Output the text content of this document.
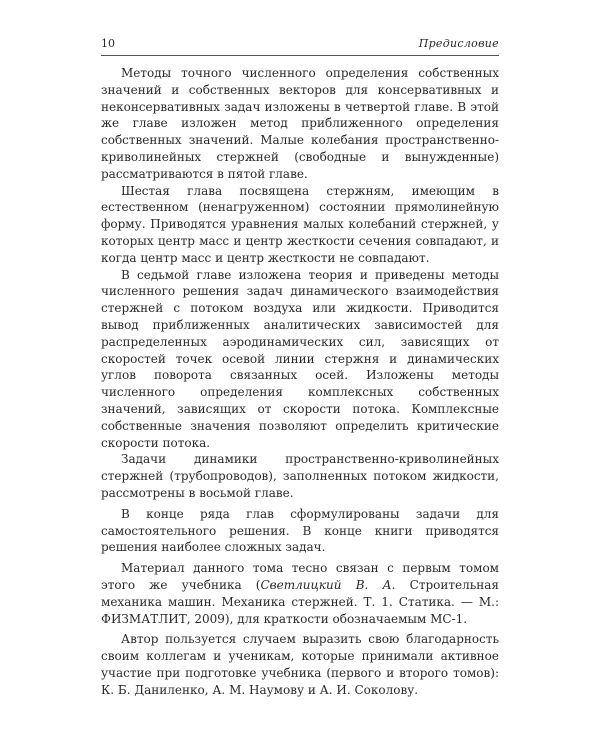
10	Предисловие

Методы точного численного определения собственных значений и собственных векторов для консервативных и неконсервативных задач изложены в четвертой главе. В этой же главе изложен метод приближенного определения собственных значений. Малые колебания пространственно-криволинейных стержней (свободные и вынужденные) рассматриваются в пятой главе.

Шестая глава посвящена стержням, имеющим в естественном (ненагруженном) состоянии прямолинейную форму. Приводятся уравнения малых колебаний стержней, у которых центр масс и центр жесткости сечения совпадают, и когда центр масс и центр жесткости не совпадают.

В седьмой главе изложена теория и приведены методы численного решения задач динамического взаимодействия стержней с потоком воздуха или жидкости. Приводится вывод приближенных аналитических зависимостей для распределенных аэродинамических сил, зависящих от скоростей точек осевой линии стержня и динамических углов поворота связанных осей. Изложены методы численного определения комплексных собственных значений, зависящих от скорости потока. Комплексные собственные значения позволяют определить критические скорости потока.

Задачи динамики пространственно-криволинейных стержней (трубопроводов), заполненных потоком жидкости, рассмотрены в восьмой главе.

В конце ряда глав сформулированы задачи для самостоятельного решения. В конце книги приводятся решения наиболее сложных задач.

Материал данного тома тесно связан с первым томом этого же учебника (Светлицкий В. А. Строительная механика машин. Механика стержней. Т. 1. Статика. — М.: ФИЗМАТЛИТ, 2009), для краткости обозначаемым МС-1.

Автор пользуется случаем выразить свою благодарность своим коллегам и ученикам, которые принимали активное участие при подготовке учебника (первого и второго томов): К. Б. Даниленко, А. М. Наумову и А. И. Соколову.
